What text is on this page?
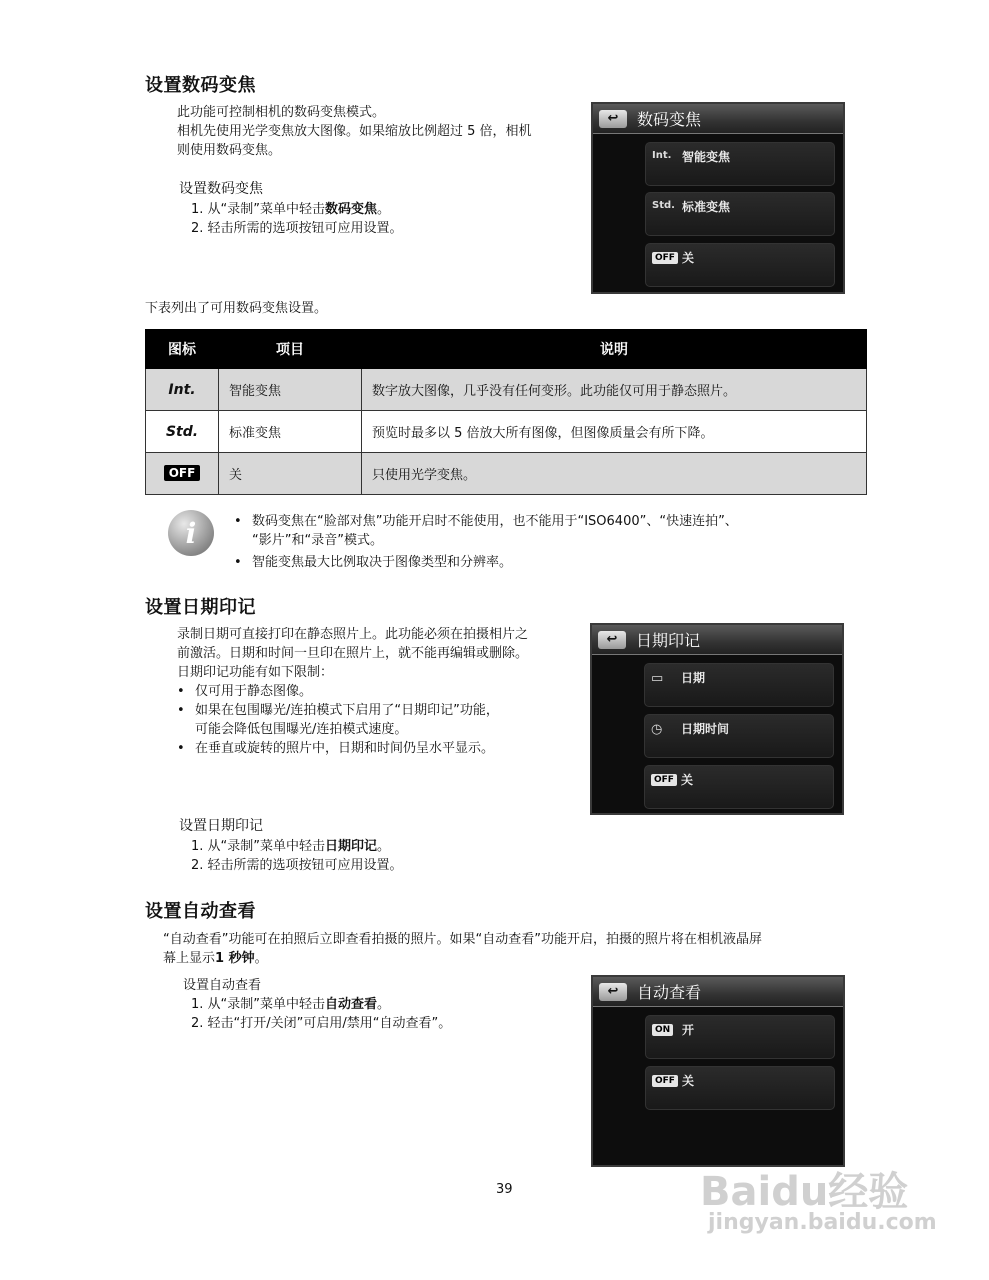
设置数码变焦
此功能可控制相机的数码变焦模式。
相机先使用光学变焦放大图像。如果缩放比例超过 5 倍，相机
则使用数码变焦。
设置数码变焦
1. 从“录制”菜单中轻击数码变焦。
2. 轻击所需的选项按钮可应用设置。
↩	数码变焦
Int. 智能变焦
Std. 标准变焦
OFF 关
下表列出了可用数码变焦设置。
图标	项目	说明
Int.	智能变焦	数字放大图像，几乎没有任何变形。此功能仅可用于静态照片。
Std.	标准变焦	预览时最多以 5 倍放大所有图像，但图像质量会有所下降。
OFF	关	只使用光学变焦。
i	• 数码变焦在“脸部对焦”功能开启时不能使用，也不能用于“ISO6400”、“快速连拍”、
“影片”和“录音”模式。
• 智能变焦最大比例取决于图像类型和分辨率。
设置日期印记
录制日期可直接打印在静态照片上。此功能必须在拍摄相片之
前激活。日期和时间一旦印在照片上，就不能再编辑或删除。
日期印记功能有如下限制：
• 仅可用于静态图像。
• 如果在包围曝光/连拍模式下启用了“日期印记”功能，
可能会降低包围曝光/连拍模式速度。
• 在垂直或旋转的照片中，日期和时间仍呈水平显示。
设置日期印记
1. 从“录制”菜单中轻击日期印记。
2. 轻击所需的选项按钮可应用设置。
↩	日期印记
▭ 日期
◷ 日期时间
OFF 关
设置自动查看
“自动查看”功能可在拍照后立即查看拍摄的照片。如果“自动查看”功能开启，拍摄的照片将在相机液晶屏
幕上显示1 秒钟。
设置自动查看
1. 从“录制”菜单中轻击自动查看。
2. 轻击“打开/关闭”可启用/禁用“自动查看”。
↩	自动查看
ON 开
OFF 关
39	Baidu经验
jingyan.baidu.com
